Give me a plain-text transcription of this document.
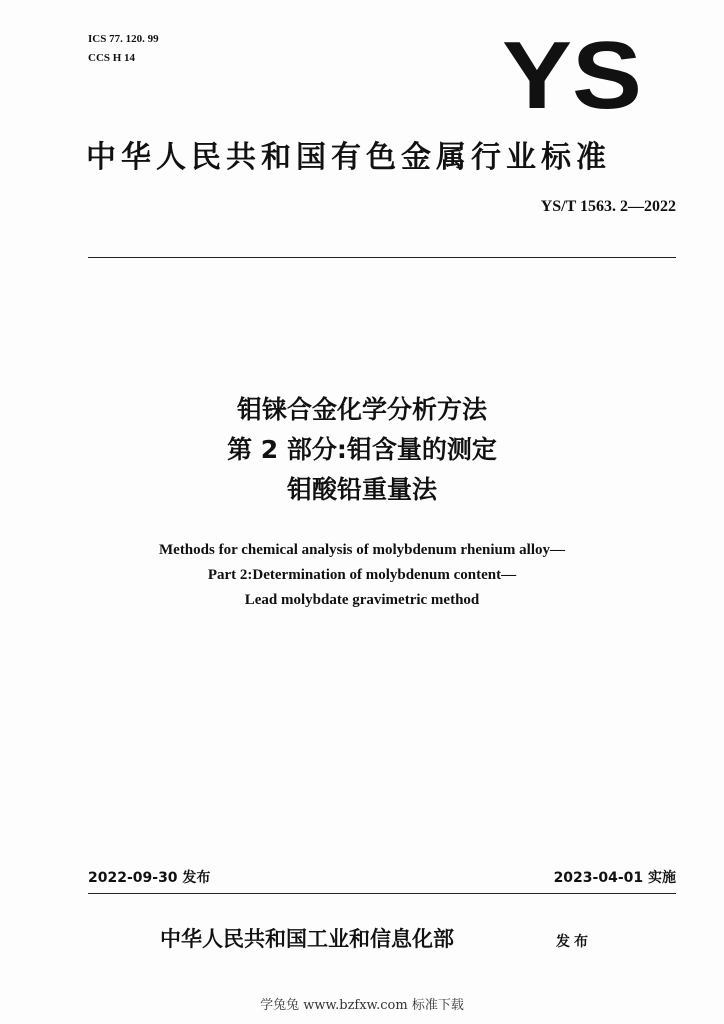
ICS 77. 120. 99
CCS H 14	YS
中华人民共和国有色金属行业标准
YS/T 1563. 2—2022
钼铼合金化学分析方法
第 2 部分:钼含量的测定
钼酸铅重量法
Methods for chemical analysis of molybdenum rhenium alloy—
Part 2:Determination of molybdenum content—
Lead molybdate gravimetric method
2022-09-30 发布	2023-04-01 实施
中华人民共和国工业和信息化部	发布
学兔兔 www.bzfxw.com 标准下载
